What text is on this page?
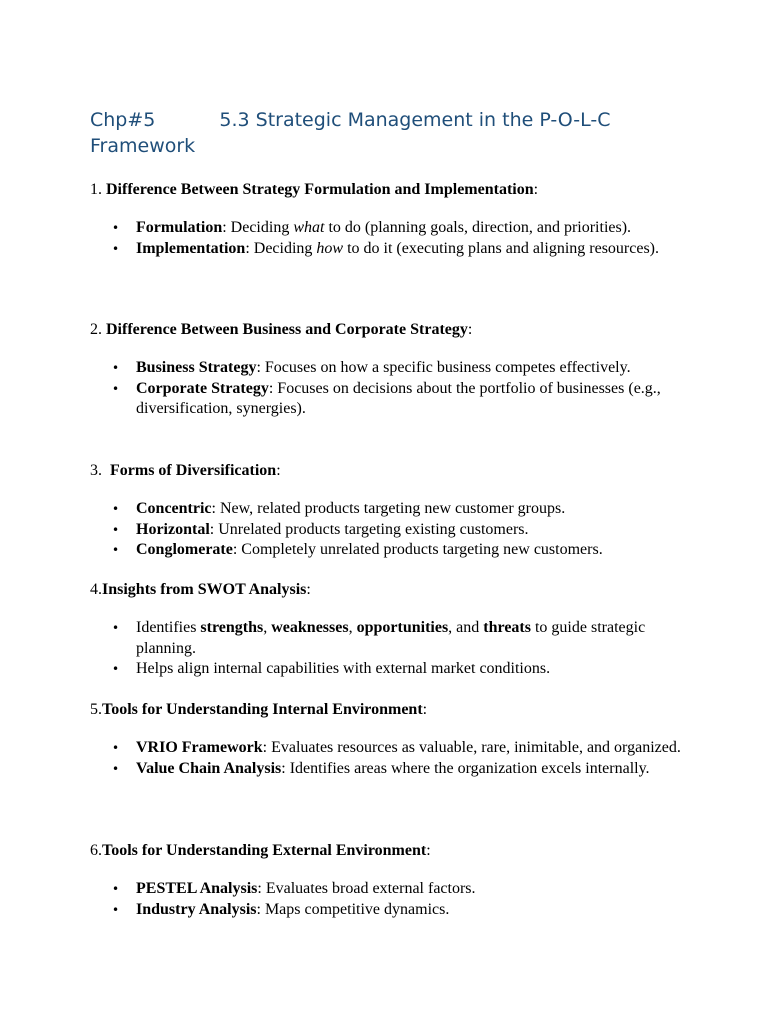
Chp#5	5.3 Strategic Management in the P-O-L-C Framework

1. Difference Between Strategy Formulation and Implementation:

• Formulation: Deciding what to do (planning goals, direction, and priorities).
• Implementation: Deciding how to do it (executing plans and aligning resources).

2. Difference Between Business and Corporate Strategy:

• Business Strategy: Focuses on how a specific business competes effectively.
• Corporate Strategy: Focuses on decisions about the portfolio of businesses (e.g., diversification, synergies).

3.  Forms of Diversification:

• Concentric: New, related products targeting new customer groups.
• Horizontal: Unrelated products targeting existing customers.
• Conglomerate: Completely unrelated products targeting new customers.

4.Insights from SWOT Analysis:

• Identifies strengths, weaknesses, opportunities, and threats to guide strategic planning.
• Helps align internal capabilities with external market conditions.

5.Tools for Understanding Internal Environment:

• VRIO Framework: Evaluates resources as valuable, rare, inimitable, and organized.
• Value Chain Analysis: Identifies areas where the organization excels internally.

6.Tools for Understanding External Environment:

• PESTEL Analysis: Evaluates broad external factors.
• Industry Analysis: Maps competitive dynamics.
